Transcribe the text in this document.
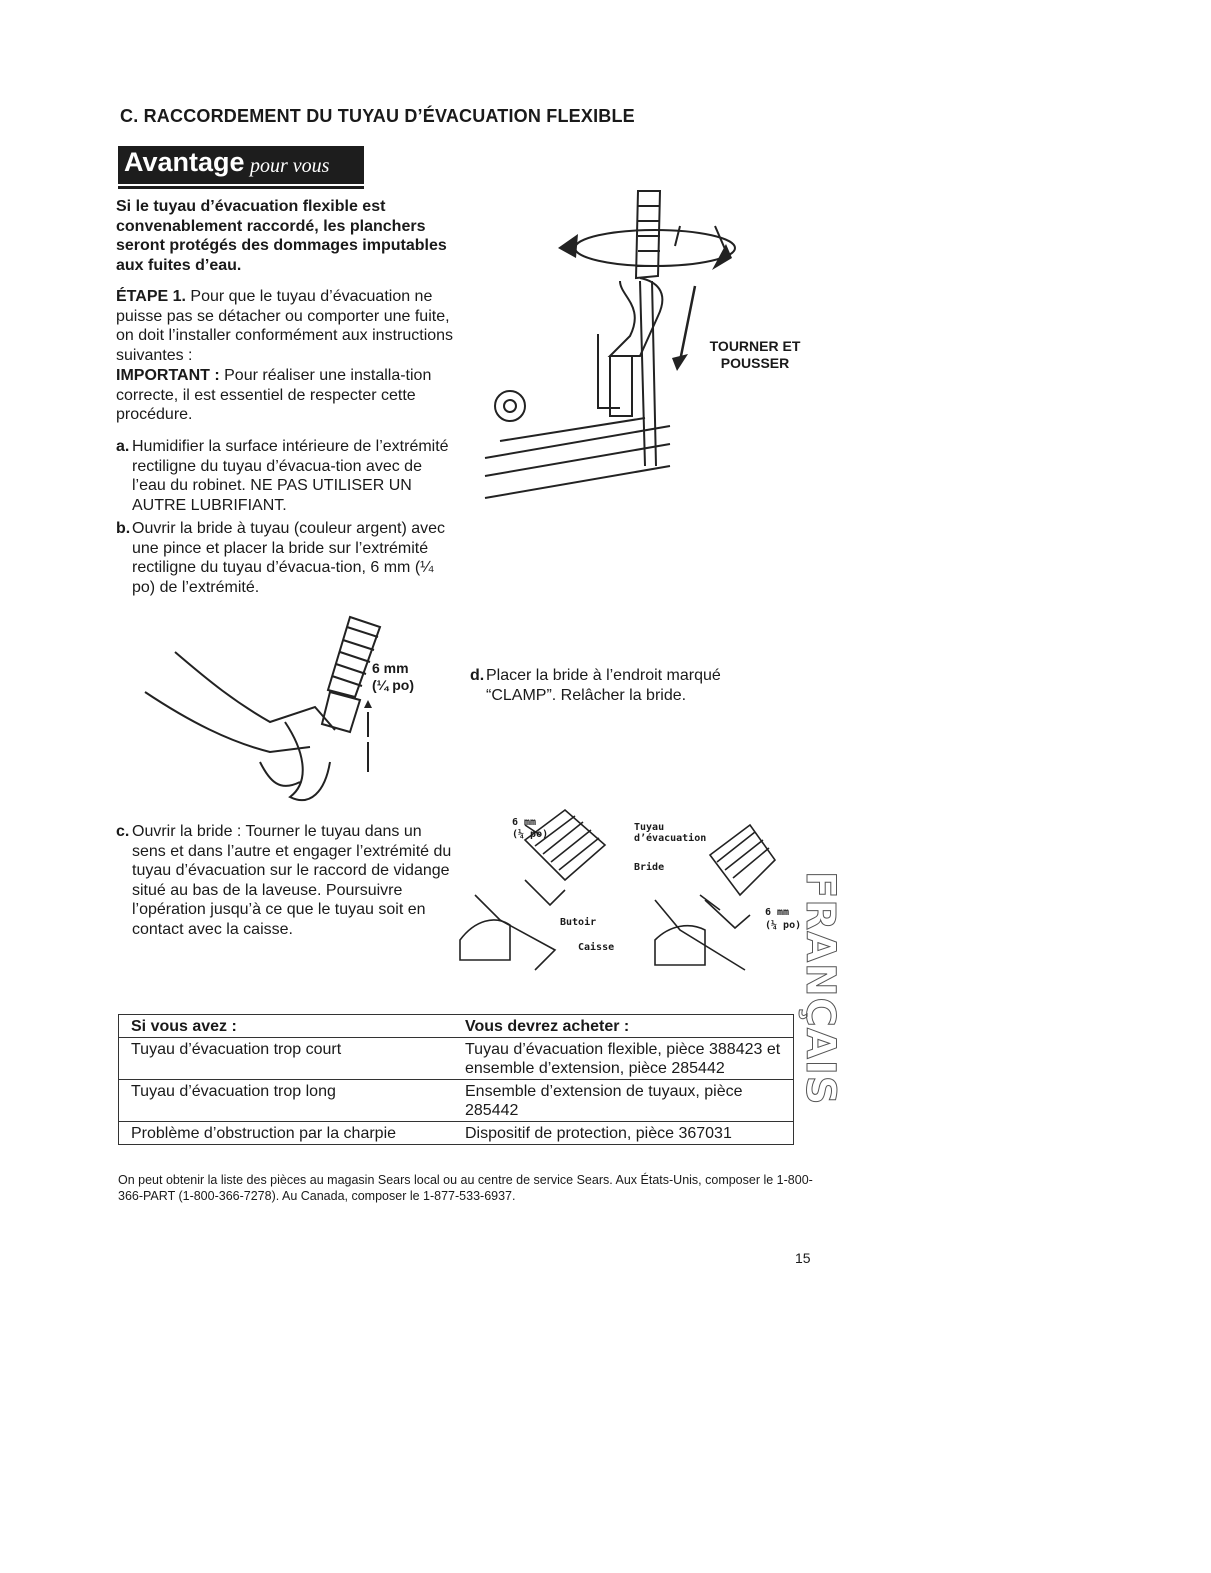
C. RACCORDEMENT DU TUYAU D’ÉVACUATION FLEXIBLE
Avantage pour vous
Si le tuyau d’évacuation flexible est convenablement raccordé, les planchers seront protégés des dommages imputables aux fuites d’eau.
ÉTAPE 1. Pour que le tuyau d’évacuation ne puisse pas se détacher ou comporter une fuite, on doit l’installer conformément aux instructions suivantes :
IMPORTANT : Pour réaliser une installa-tion correcte, il est essentiel de respecter cette procédure.
a. Humidifier la surface intérieure de l’extrémité rectiligne du tuyau d’évacua-tion avec de l’eau du robinet. NE PAS UTILISER UN AUTRE LUBRIFIANT.
b. Ouvrir la bride à tuyau (couleur argent) avec une pince et placer la bride sur l’extrémité rectiligne du tuyau d’évacua-tion, 6 mm (¼ po) de l’extrémité.
c. Ouvrir la bride : Tourner le tuyau dans un sens et dans l’autre et engager l’extrémité du tuyau d’évacuation sur le raccord de vidange situé au bas de la laveuse. Poursuivre l’opération jusqu’à ce que le tuyau soit en contact avec la caisse.
d. Placer la bride à l’endroit marqué “CLAMP”. Relâcher la bride.
TOURNER ET
POUSSER
6 mm
(¼ po)
6 mm
(¼ po)
Tuyau
d’évacuation
Bride
Butoir
Caisse
6 mm
(¼ po)
FRANÇAIS
Si vous avez :	Vous devrez acheter :
Tuyau d’évacuation trop court	Tuyau d’évacuation flexible, pièce 388423 et ensemble d’extension, pièce 285442
Tuyau d’évacuation trop long	Ensemble d’extension de tuyaux, pièce 285442
Problème d’obstruction par la charpie	Dispositif de protection, pièce 367031
On peut obtenir la liste des pièces au magasin Sears local ou au centre de service Sears. Aux États-Unis, composer le 1-800-366-PART (1-800-366-7278). Au Canada, composer le 1-877-533-6937.
15
